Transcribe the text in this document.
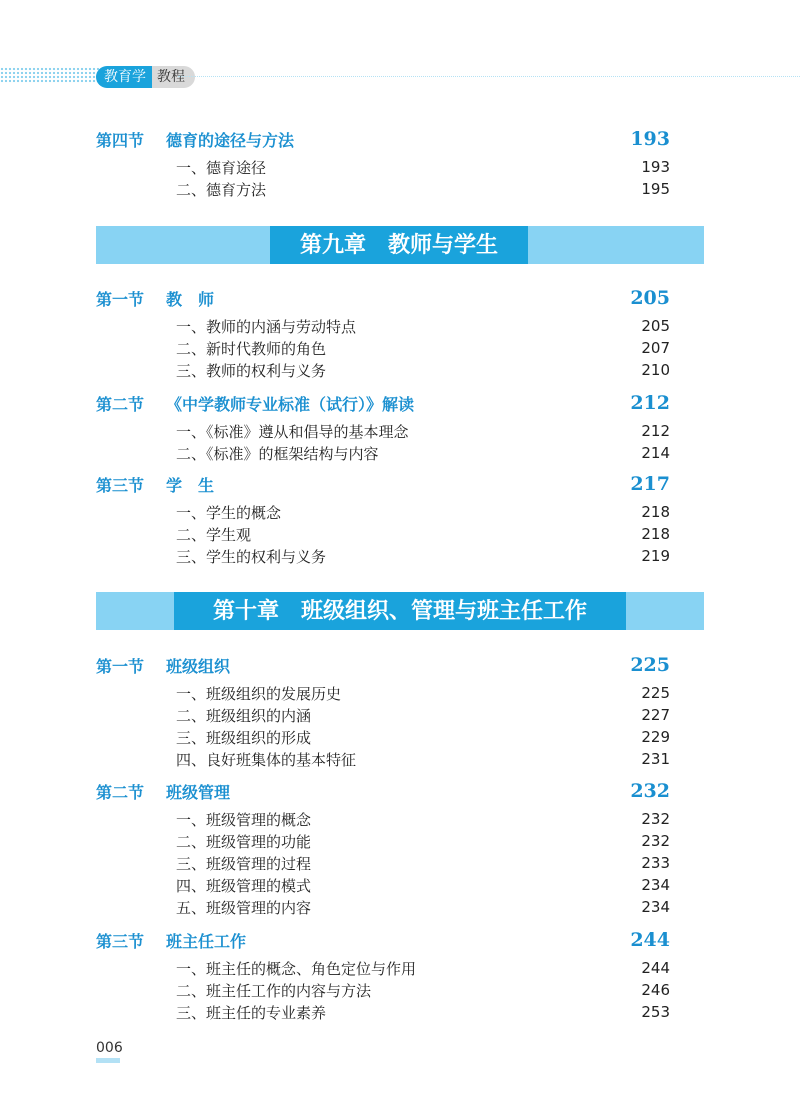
教育学 教程
第四节	德育的途径与方法	193
一、德育途径	193
二、德育方法	195
第九章　教师与学生
第一节	教　师	205
一、教师的内涵与劳动特点	205
二、新时代教师的角色	207
三、教师的权利与义务	210
第二节	《中学教师专业标准（试行）》解读	212
一、《标准》遵从和倡导的基本理念	212
二、《标准》的框架结构与内容	214
第三节	学　生	217
一、学生的概念	218
二、学生观	218
三、学生的权利与义务	219
第十章　班级组织、管理与班主任工作
第一节	班级组织	225
一、班级组织的发展历史	225
二、班级组织的内涵	227
三、班级组织的形成	229
四、良好班集体的基本特征	231
第二节	班级管理	232
一、班级管理的概念	232
二、班级管理的功能	232
三、班级管理的过程	233
四、班级管理的模式	234
五、班级管理的内容	234
第三节	班主任工作	244
一、班主任的概念、角色定位与作用	244
二、班主任工作的内容与方法	246
三、班主任的专业素养	253
006
